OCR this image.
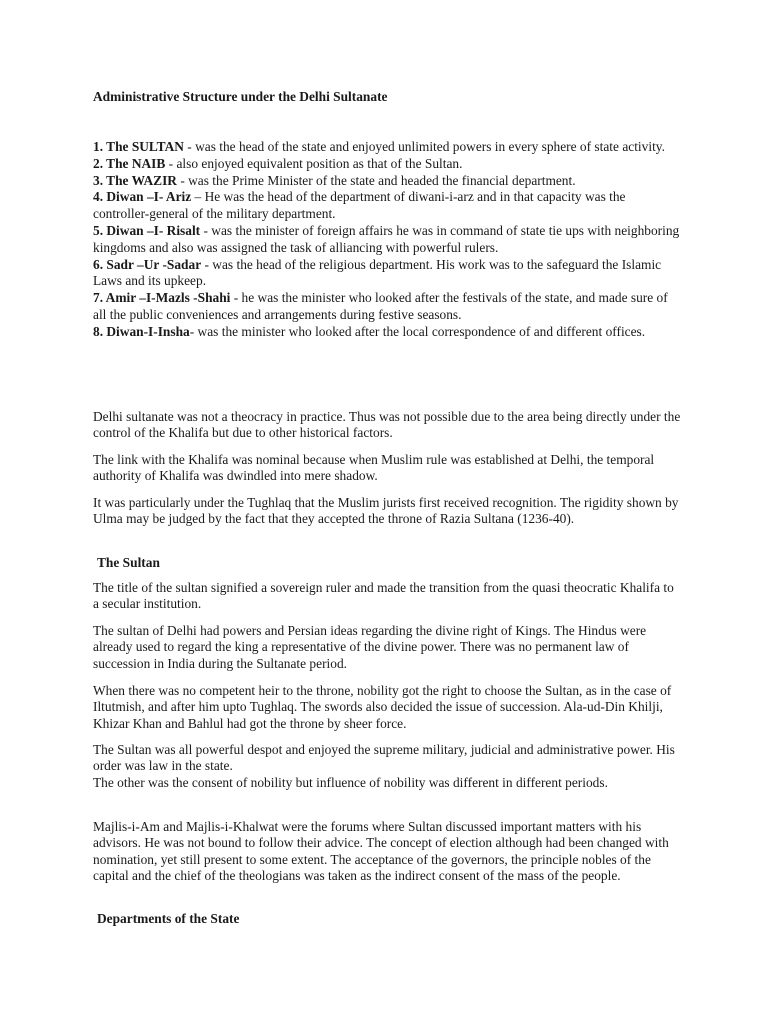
Administrative Structure under the Delhi Sultanate
1. The SULTAN - was the head of the state and enjoyed unlimited powers in every sphere of state activity.
2. The NAIB - also enjoyed equivalent position as that of the Sultan.
3. The WAZIR - was the Prime Minister of the state and headed the financial department.
4. Diwan –I- Ariz – He was the head of the department of diwani-i-arz and in that capacity was the controller-general of the military department.
5. Diwan –I- Risalt - was the minister of foreign affairs he was in command of state tie ups with neighboring kingdoms and also was assigned the task of alliancing with powerful rulers.
6. Sadr –Ur -Sadar - was the head of the religious department. His work was to the safeguard the Islamic Laws and its upkeep.
7. Amir –I-Mazls -Shahi - he was the minister who looked after the festivals of the state, and made sure of all the public conveniences and arrangements during festive seasons.
8. Diwan-I-Insha- was the minister who looked after the local correspondence of and different offices.

Delhi sultanate was not a theocracy in practice. Thus was not possible due to the area being directly under the control of the Khalifa but due to other historical factors.

The link with the Khalifa was nominal because when Muslim rule was established at Delhi, the temporal authority of Khalifa was dwindled into mere shadow.

It was particularly under the Tughlaq that the Muslim jurists first received recognition. The rigidity shown by Ulma may be judged by the fact that they accepted the throne of Razia Sultana (1236-40).

The Sultan

The title of the sultan signified a sovereign ruler and made the transition from the quasi theocratic Khalifa to a secular institution.

The sultan of Delhi had powers and Persian ideas regarding the divine right of Kings. The Hindus were already used to regard the king a representative of the divine power. There was no permanent law of succession in India during the Sultanate period.

When there was no competent heir to the throne, nobility got the right to choose the Sultan, as in the case of Iltutmish, and after him upto Tughlaq. The swords also decided the issue of succession. Ala-ud-Din Khilji, Khizar Khan and Bahlul had got the throne by sheer force.

The Sultan was all powerful despot and enjoyed the supreme military, judicial and administrative power. His order was law in the state.

The other was the consent of nobility but influence of nobility was different in different periods.

Majlis-i-Am and Majlis-i-Khalwat were the forums where Sultan discussed important matters with his advisors. He was not bound to follow their advice. The concept of election although had been changed with nomination, yet still present to some extent. The acceptance of the governors, the principle nobles of the capital and the chief of the theologians was taken as the indirect consent of the mass of the people.

Departments of the State
